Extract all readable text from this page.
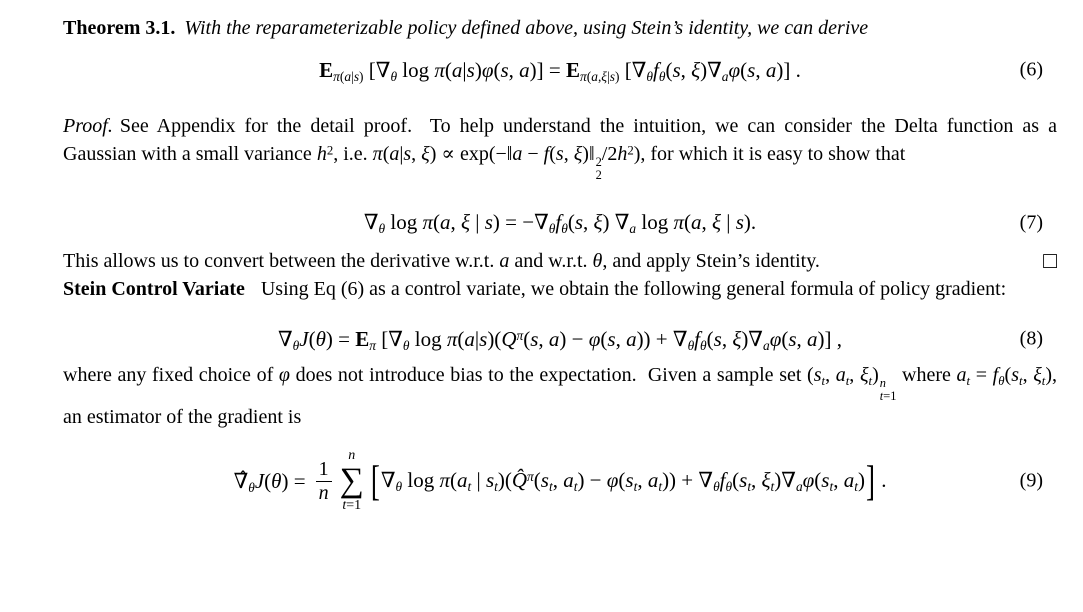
Theorem 3.1. With the reparameterizable policy defined above, using Stein’s identity, we can derive

$E_{\pi(a|s)}$ [$\nabla_\theta$ log π(a|s)φ(s, $a)] = E_{\pi(a,\xi|s)}$ [$\nabla_\theta f_\theta(s$, $\xi)\nabla_a\varphi(s$, a)] .	(6)

Proof. See Appendix for the detail proof.  To help understand the intuition, we can consider the Delta function as a Gaussian with a small variance $h^2$, i.e. π(a|s, ξ) ∝ exp(−‖a − f(s, ξ)‖ 2
2
$/2h^2$), for which it is easy to show that

$\nabla_\theta$ log π(a, ξ | $s) = -\nabla_\theta f_\theta(s$, ξ) $\nabla_a$ log π(a, ξ | s).	(7)

This allows us to convert between the derivative w.r.t. a and w.r.t. θ, and apply Stein’s identity.	□

Stein Control Variate Using Eq (6) as a control variate, we obtain the following general formula of policy gradient:

$\nabla_\theta J(\theta) = E_\pi$ [$\nabla_\theta$ $\log \pi(a|s)(Q^\pi(s$, a) − φ(s, $a)) + \nabla_\theta f_\theta(s$, $\xi)\nabla_a\varphi(s$, a)] ,	(8)

where any fixed choice of φ does not introduce bias to the expectation.  Given a sample set ($s_t$, $a_t$, $\xi_t$) n
t=1
where $a_t = f_\theta(s_t$, $\xi_t$), an estimator of the gradient is

$\nablâ_\theta J(\theta) = \frac{1}{n}$
n
∑
t=1
[$\nabla_\theta$ $\log \pi(a_t$ | $s_t)(Q̂^\pi(s_t$, $a_t) - \varphi(s_t$, $a_t)) + \nabla_\theta f_\theta(s_t$, $\xi_t)\nabla_a\varphi(s_t$, $a_t$)] .	(9)
